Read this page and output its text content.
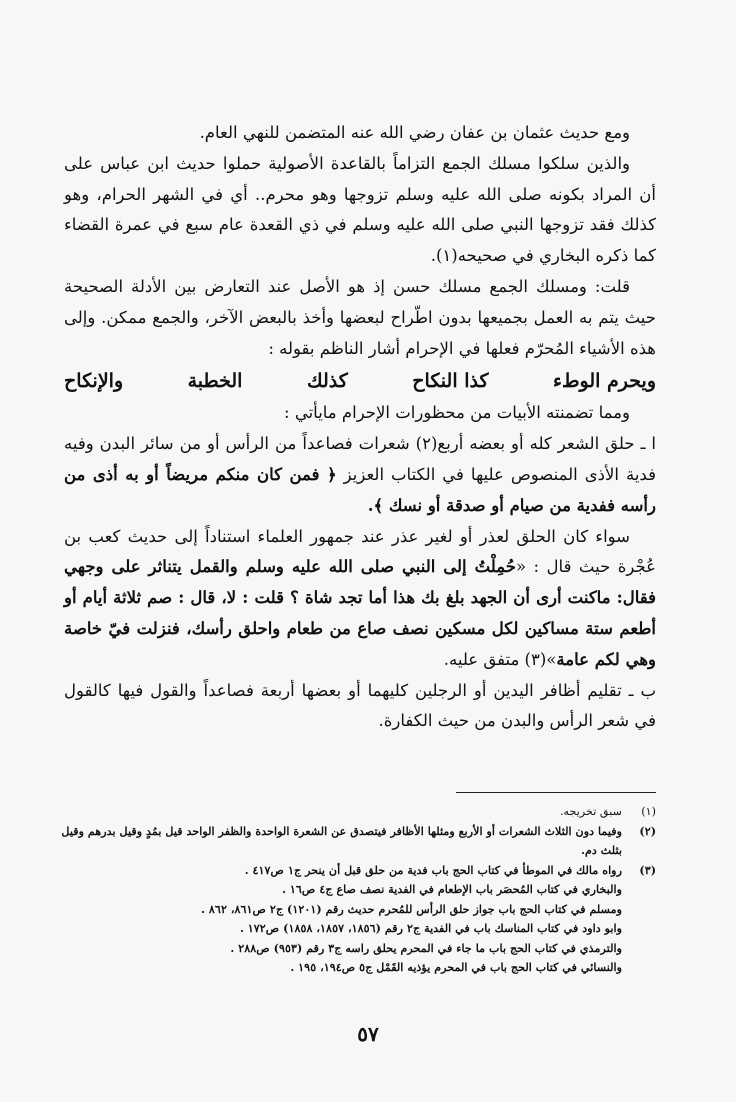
ومع حديث عثمان بن عفان رضي الله عنه المتضمن للنهي العام.

والذين سلكوا مسلك الجمع التزاماً بالقاعدة الأصولية حملوا حديث ابن عباس على أن المراد بكونه صلى الله عليه وسلم تزوجها وهو محرم.. أي في الشهر الحرام، وهو كذلك فقد تزوجها النبي صلى الله عليه وسلم في ذي القعدة عام سبع في عمرة القضاء كما ذكره البخاري في صحيحه(١).

قلت: ومسلك الجمع مسلك حسن إذ هو الأصل عند التعارض بين الأدلة الصحيحة حيث يتم به العمل بجميعها بدون اطّراح لبعضها وأخذ بالبعض الآخر، والجمع ممكن. وإلى هذه الأشياء المُحرّم فعلها في الإحرام أشار الناظم بقوله :

ويحرم الوطء
كذا النكاح
كذلك
الخطبة
والإنكاح

ومما تضمنته الأبيات من محظورات الإحرام مايأتي :

ا ـ حلق الشعر كله أو بعضه أربع(٢) شعرات فصاعداً من الرأس أو من سائر البدن وفيه فدية الأذى المنصوص عليها في الكتاب العزيز ﴿ فمن كان منكم مريضاً أو به أذى من رأسه ففدية من صيام أو صدقة أو نسك ﴾.

سواء كان الحلق لعذر أو لغير عذر عند جمهور العلماء استناداً إلى حديث كعب بن عُجْرة حيث قال : «حُمِلْتُ إلى النبي صلى الله عليه وسلم والقمل يتناثر على وجهي فقال: ماكنت أرى أن الجهد بلغ بك هذا أما تجد شاة ؟ قلت : لا، قال : صم ثلاثة أيام أو أطعم ستة مساكين لكل مسكين نصف صاع من طعام واحلق رأسك، فنزلت فيّ خاصة وهي لكم عامة»(٣) متفق عليه.

ب ـ تقليم أظافر اليدين أو الرجلين كليهما أو بعضها أربعة فصاعداً والقول فيها كالقول في شعر الرأس والبدن من حيث الكفارة.

(١)
سبق تخريجه.
(٢)
وفيما دون الثلاث الشعرات أو الأربع ومثلها الأظافر فيتصدق عن الشعرة الواحدة والظفر الواحد قيل بمُدٍ وقيل بدرهم وقيل بثلث دم.
(٣)
رواه مالك في الموطأ في كتاب الحج باب فدية من حلق قبل أن ينحر ج١ ص٤١٧ .
والبخاري في كتاب المُحصَر باب الإطعام في الفدية نصف صاع ج٤ ص١٦ .
ومسلم في كتاب الحج باب جواز حلق الرأس للمُحرم حديث رقم (١٢٠١) ج٢ ص٨٦١، ٨٦٢ .
وابو داود في كتاب المناسك باب في الفدية ج٢ رقم (١٨٥٦، ١٨٥٧، ١٨٥٨) ص١٧٢ .
والترمذي في كتاب الحج باب ما جاء في المحرم يحلق راسه ج٣ رقم (٩٥٣) ص٢٨٨ .
والنسائي في كتاب الحج باب في المحرم يؤذيه القَمْل ج٥ ص١٩٤، ١٩٥ .
٥٧
